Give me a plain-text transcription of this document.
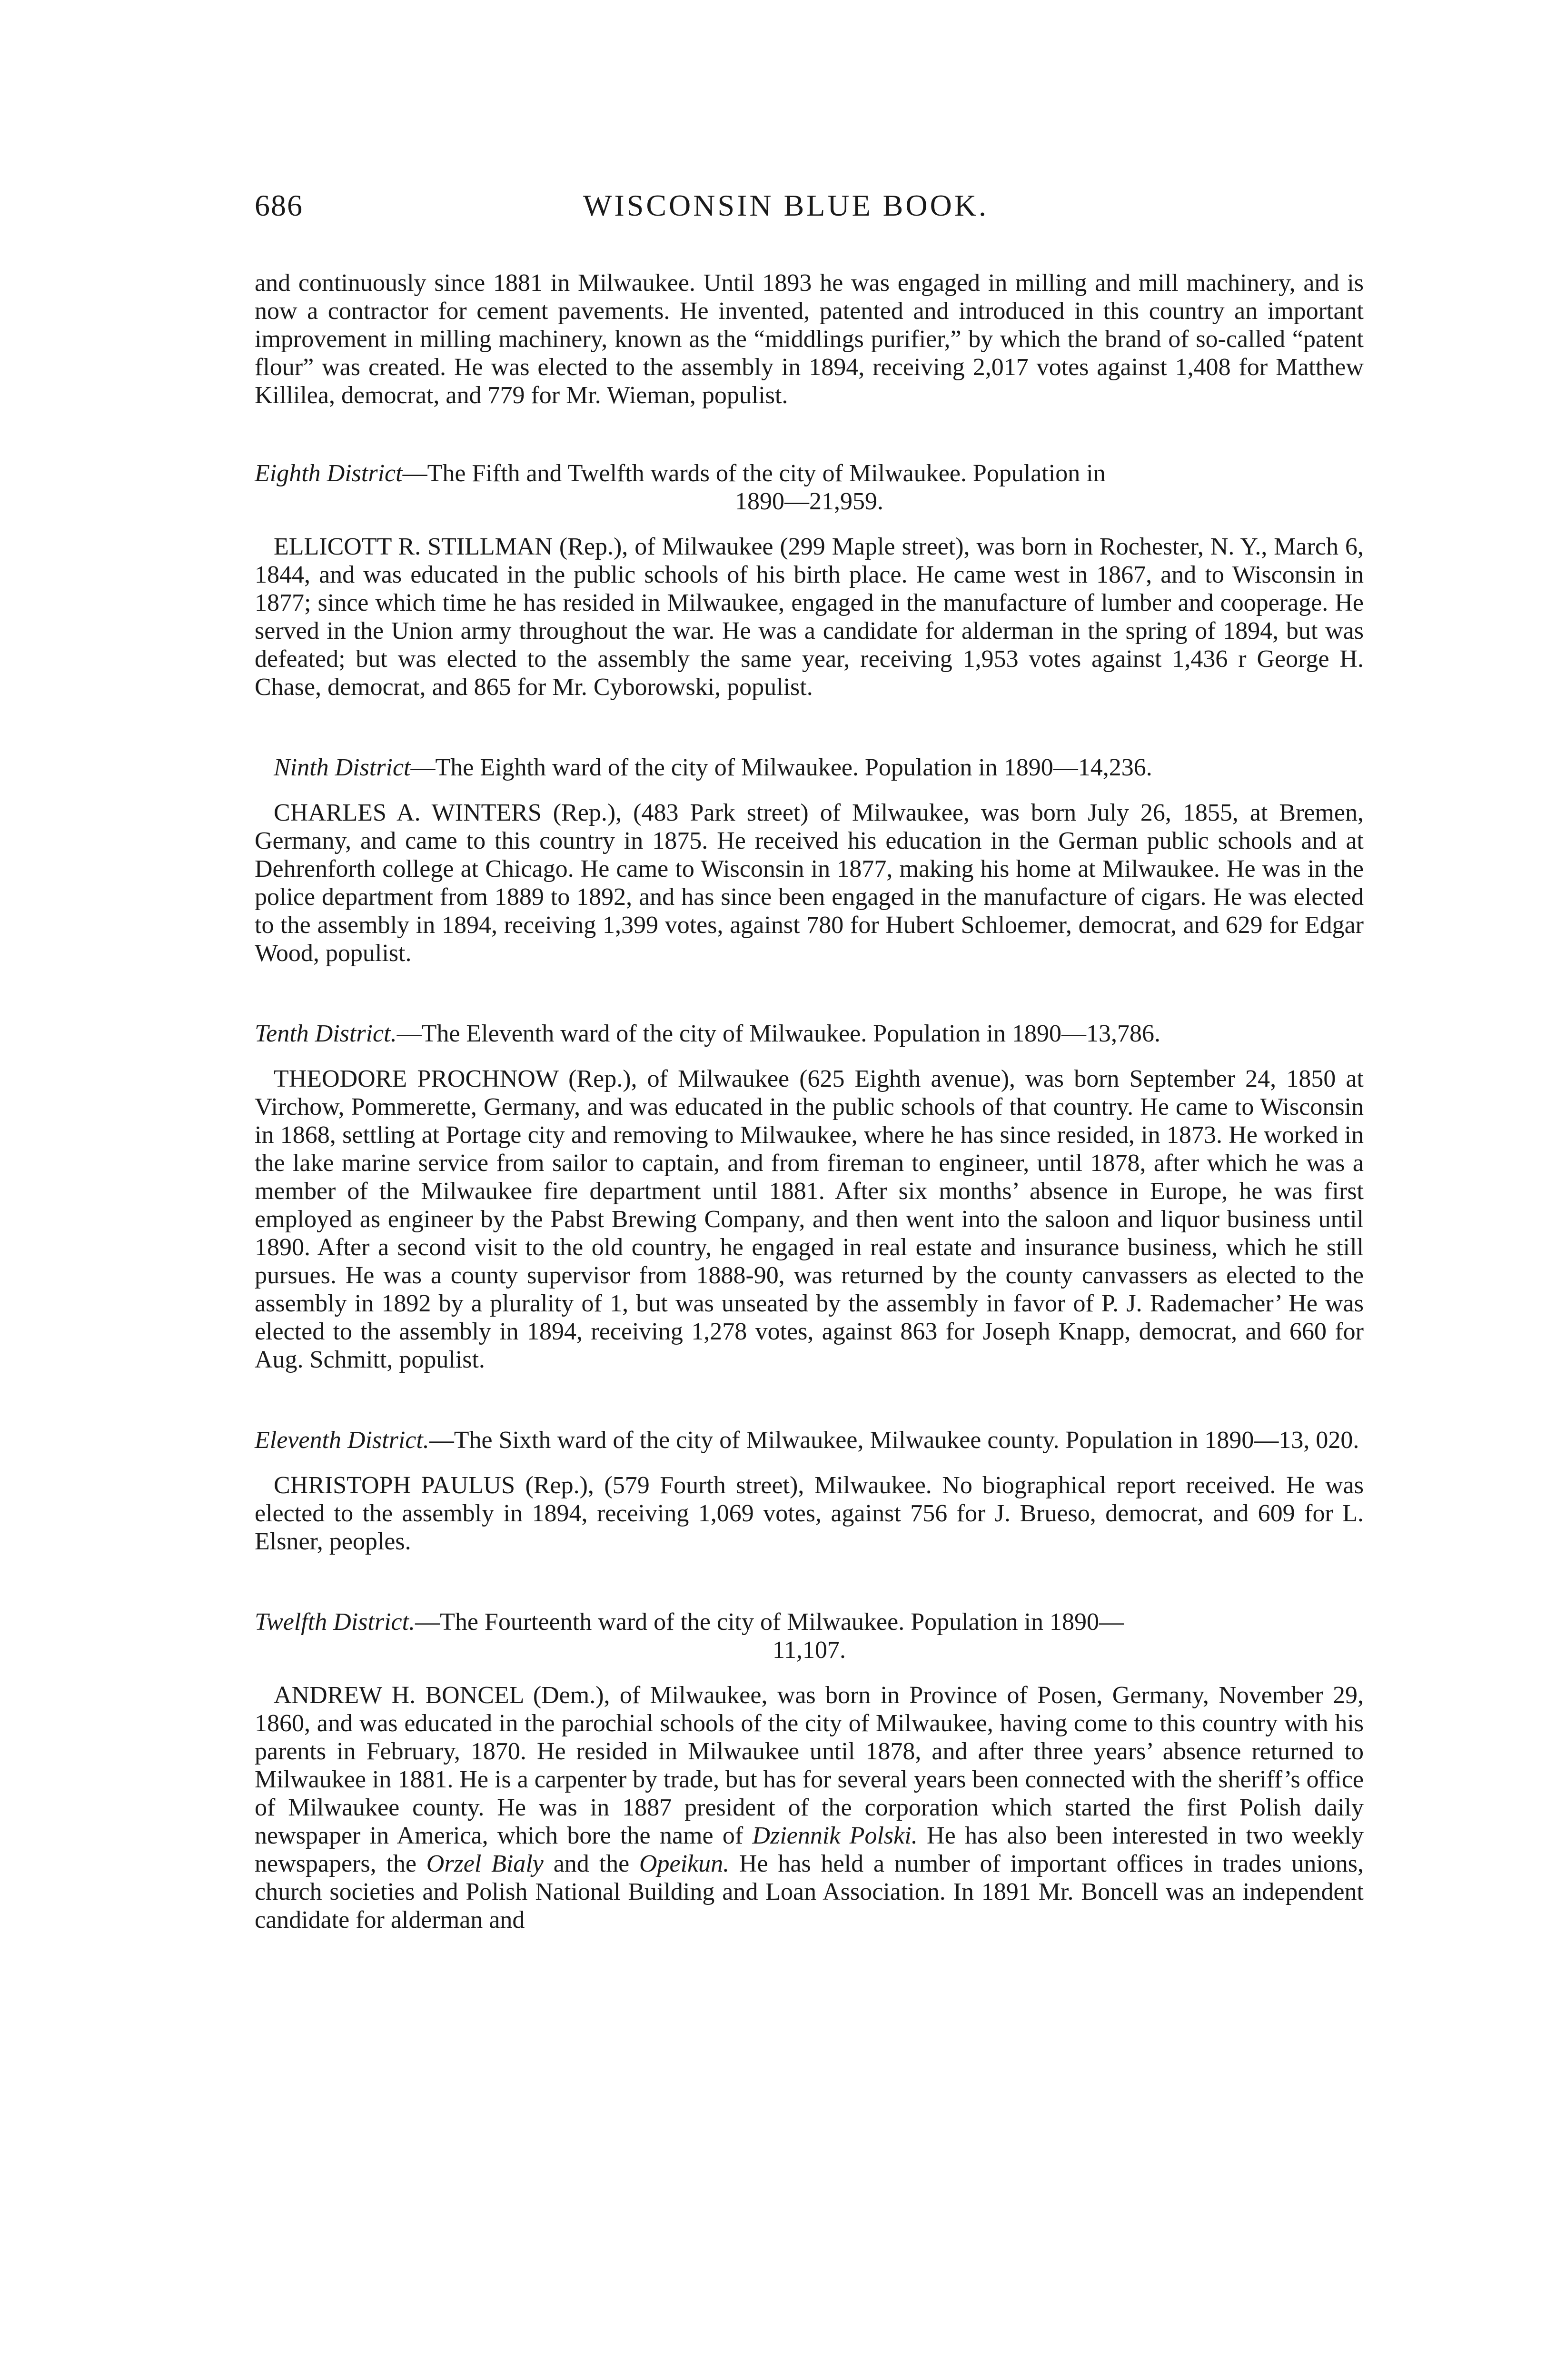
686	WISCONSIN BLUE BOOK.

and continuously since 1881 in Milwaukee. Until 1893 he was engaged in milling and mill machinery, and is now a contractor for cement pavements. He invented, patented and introduced in this country an important improvement in milling machinery, known as the “middlings purifier,” by which the brand of so-called “patent flour” was created. He was elected to the assembly in 1894, receiving 2,017 votes against 1,408 for Matthew Killilea, democrat, and 779 for Mr. Wieman, populist.

Eighth District—The Fifth and Twelfth wards of the city of Milwaukee. Population in
1890—21,959.

ELLICOTT R. STILLMAN (Rep.), of Milwaukee (299 Maple street), was born in Rochester, N. Y., March 6, 1844, and was educated in the public schools of his birth place. He came west in 1867, and to Wisconsin in 1877; since which time he has resided in Milwaukee, engaged in the manufacture of lumber and cooperage. He served in the Union army throughout the war. He was a candidate for alderman in the spring of 1894, but was defeated; but was elected to the assembly the same year, receiving 1,953 votes against 1,436 r George H. Chase, democrat, and 865 for Mr. Cyborowski, populist.

Ninth District—The Eighth ward of the city of Milwaukee. Population in 1890—14,236.

CHARLES A. WINTERS (Rep.), (483 Park street) of Milwaukee, was born July 26, 1855, at Bremen, Germany, and came to this country in 1875. He received his education in the German public schools and at Dehrenforth college at Chicago. He came to Wisconsin in 1877, making his home at Milwaukee. He was in the police department from 1889 to 1892, and has since been engaged in the manufacture of cigars. He was elected to the assembly in 1894, receiving 1,399 votes, against 780 for Hubert Schloemer, democrat, and 629 for Edgar Wood, populist.

Tenth District.—The Eleventh ward of the city of Milwaukee. Population in 1890—13,786.

THEODORE PROCHNOW (Rep.), of Milwaukee (625 Eighth avenue), was born September 24, 1850 at Virchow, Pommerette, Germany, and was educated in the public schools of that country. He came to Wisconsin in 1868, settling at Portage city and removing to Milwaukee, where he has since resided, in 1873. He worked in the lake marine service from sailor to captain, and from fireman to engineer, until 1878, after which he was a member of the Milwaukee fire department until 1881. After six months’ absence in Europe, he was first employed as engineer by the Pabst Brewing Company, and then went into the saloon and liquor business until 1890. After a second visit to the old country, he engaged in real estate and insurance business, which he still pursues. He was a county supervisor from 1888-90, was returned by the county canvassers as elected to the assembly in 1892 by a plurality of 1, but was unseated by the assembly in favor of P. J. Rademacher’ He was elected to the assembly in 1894, receiving 1,278 votes, against 863 for Joseph Knapp, democrat, and 660 for Aug. Schmitt, populist.

Eleventh District.—The Sixth ward of the city of Milwaukee, Milwaukee county. Population in 1890—13, 020.

CHRISTOPH PAULUS (Rep.), (579 Fourth street), Milwaukee. No biographical report received. He was elected to the assembly in 1894, receiving 1,069 votes, against 756 for J. Brueso, democrat, and 609 for L. Elsner, peoples.

Twelfth District.—The Fourteenth ward of the city of Milwaukee. Population in 1890—
11,107.

ANDREW H. BONCEL (Dem.), of Milwaukee, was born in Province of Posen, Germany, November 29, 1860, and was educated in the parochial schools of the city of Milwaukee, having come to this country with his parents in February, 1870. He resided in Milwaukee until 1878, and after three years’ absence returned to Milwaukee in 1881. He is a carpenter by trade, but has for several years been connected with the sheriff’s office of Milwaukee county. He was in 1887 president of the corporation which started the first Polish daily newspaper in America, which bore the name of Dziennik Polski. He has also been interested in two weekly newspapers, the Orzel Bialy and the Opeikun. He has held a number of important offices in trades unions, church societies and Polish National Building and Loan Association. In 1891 Mr. Boncell was an independent candidate for alderman and
